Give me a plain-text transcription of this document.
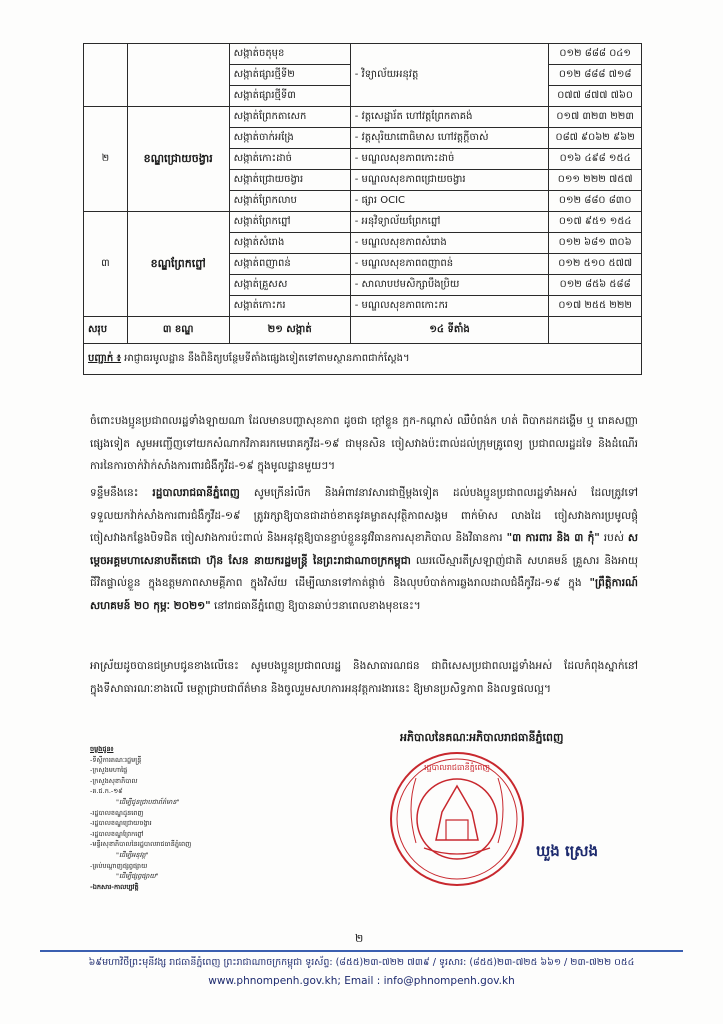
		សង្កាត់ចតុមុខ	- វិទ្យាល័យអនុវត្ត	០១២ ៨៨៨ ០៤១
		សង្កាត់ផ្សារថ្មីទី២		០១២ ៨៨៨ ៧១៨
		សង្កាត់ផ្សារថ្មីទី៣		០៧៧ ៨៧៧ ៧៦០
២	ខណ្ឌជ្រោយចង្វារ	សង្កាត់ព្រែកតាសេក	- វត្តសេដ្ឋារ័ត ហៅវត្តព្រែកតាគង់	០១៧ ៣២៣ ២២៣
		សង្កាត់ចាក់អង្រែ	- វត្តសុរិយាពោធិមាស ហៅវត្តក្តីចាស់	០៨៧ ៩០៦២ ៩៦២
		សង្កាត់កោះដាច់	- មណ្ឌលសុខភាពកោះដាច់	០១៦ ៤៩៨ ១៥៤
		សង្កាត់ជ្រោយចង្វារ	- មណ្ឌលសុខភាពជ្រោយចង្វារ	០១១ ២២២ ៧៥៧
		សង្កាត់ព្រែកលាប	- ផ្សារ OCIC	០១២ ៨៨០ ៨៣០
៣	ខណ្ឌព្រែកព្នៅ	សង្កាត់ព្រែកព្នៅ	- អនុវិទ្យាល័យព្រែកព្នៅ	០១៧ ៩៥១ ១៥៤
		សង្កាត់សំរោង	- មណ្ឌលសុខភាពសំរោង	០១២ ៦៨១ ៣០៦
		សង្កាត់ពញាពន់	- មណ្ឌលសុខភាពពញាពន់	០១២ ៥១០ ៥៧៧
		សង្កាត់គ្រួសស	- សាលាបឋមសិក្សាបឹងប្រិយ	០១២ ៨៥៦ ៥៨៨
		សង្កាត់កោះករ	- មណ្ឌលសុខភាពកោះករ	០១៧ ២៥៥ ២២២
សរុប	៣ ខណ្ឌ	២១ សង្កាត់	១៤ ទីតាំង	
បញ្ជាក់ ៖ អាជ្ញាធរមូលដ្ឋាន នឹងពិនិត្យបន្ថែមទីតាំងផ្សេងទៀតទៅតាមស្ថានភាពជាក់ស្តែង។				
ចំពោះបងប្អូនប្រជាពលរដ្ឋទាំងឡាយណា ដែលមានបញ្ហាសុខភាព ដូចជា ក្តៅខ្លួន ក្អក-កណ្តាស់ ឈឺបំពង់ក ហត់ ពិបាកដកដង្ហើម ឬ រោគសញ្ញាផ្សេងទៀត សូមអញ្ជើញទៅយកសំណាកវិភាគរកមេរោគកូវីដ-១៩ ជាមុនសិន ចៀសវាងប៉ះពាល់ដល់ក្រុមគ្រូពេទ្យ ប្រជាពលរដ្ឋដទៃ និងដំណើរការនៃការចាក់វ៉ាក់សាំងការពារជំងឺកូវីដ-១៩ ក្នុងមូលដ្ឋានមួយៗ។
ទន្ទឹមនឹងនេះ រដ្ឋបាលរាជធានីភ្នំពេញ សូមក្រើនរំលឹក និងអំពាវនាវសារជាថ្មីម្តងទៀត ដល់បងប្អូនប្រជាពលរដ្ឋទាំងអស់ ដែលត្រូវទៅទទួលយកវ៉ាក់សាំងការពារជំងឺកូវីដ-១៩ ត្រូវរក្សាឱ្យបានជាដាច់ខាតនូវគម្លាតសុវត្ថិភាពសង្គម ពាក់ម៉ាស លាងដៃ ចៀសវាងការប្រមូលផ្តុំ ចៀសវាងកន្លែងបិទជិត ចៀសវាងការប៉ះពាល់ និងអនុវត្តឱ្យបានខ្ជាប់ខ្ជួននូវវិធានការសុខាភិបាល និងវិធានការ "៣ ការពារ និង ៣ កុំ" របស់ សម្តេចអគ្គមហាសេនាបតីតេជោ ហ៊ុន សែន នាយករដ្ឋមន្ត្រី នៃព្រះរាជាណាចក្រកម្ពុជា ឈរលើស្មារតីស្រឡាញ់ជាតិ សហគមន៍ គ្រួសារ និងអាយុជីវិតផ្ទាល់ខ្លួន ក្នុងឧត្តមភាពសាមគ្គីភាព ក្នុងវិស័យ ដើម្បីឈានទៅកាត់ផ្តាច់ និងលុបបំបាត់ការឆ្លងរាលដាលជំងឺកូវីដ-១៩ ក្នុង "ព្រឹត្តិការណ៍សហគមន៍ ២០ កុម្ភៈ ២០២១" នៅរាជធានីភ្នំពេញ ឱ្យបានឆាប់ៗនាពេលខាងមុខនេះ។
អាស្រ័យដូចបានជម្រាបជូនខាងលើនេះ សូមបងប្អូនប្រជាពលរដ្ឋ និងសាធារណជន ជាពិសេសប្រជាពលរដ្ឋទាំងអស់ ដែលកំពុងស្នាក់នៅក្នុងទីសាធារណៈខាងលើ មេត្តាជ្រាបជាព័ត៌មាន និងចូលរួមសហការអនុវត្តការងារនេះ ឱ្យមានប្រសិទ្ធភាព និងលទ្ធផលល្អ។
ចម្លងជូន៖
-ទីស្តីការគណៈរដ្ឋមន្ត្រី
-ក្រសួងមហាផ្ទៃ
-ក្រសួងសុខាភិបាល
-គ.ជ.ក.-១៩
"ដើម្បីជូនជ្រាបជាព័ត៌មាន"
-រដ្ឋបាលខណ្ឌដូនពេញ
-រដ្ឋបាលខណ្ឌជ្រោយចង្វារ
-រដ្ឋបាលខណ្ឌព្រែកព្នៅ
-មន្ទីរសុខាភិបាលនៃរដ្ឋបាលរាជធានីភ្នំពេញ
"ដើម្បីអនុវត្ត"
-គ្រប់បណ្តាញផ្សព្វផ្សាយ
"ដើម្បីផ្សព្វផ្សាយ"
-ឯកសារ-កាលប្បវត្តិ
អភិបាលនៃគណៈអភិបាលរាជធានីភ្នំពេញ
រដ្ឋបាលរាជធានីភ្នំពេញ
ឃួង ស្រេង
២
៦៩មហាវិថីព្រះមុនីវង្ស រាជធានីភ្នំពេញ ព្រះរាជាណាចក្រកម្ពុជា ទូរស័ព្ទ: (៨៥៥)២៣-៧២២ ៧៣៩ / ទូរសារ: (៨៥៥)២៣-៧២៥ ៦៦១ / ២៣-៧២២ ០៥៤
www.phnompenh.gov.kh; Email : info@phnompenh.gov.kh
